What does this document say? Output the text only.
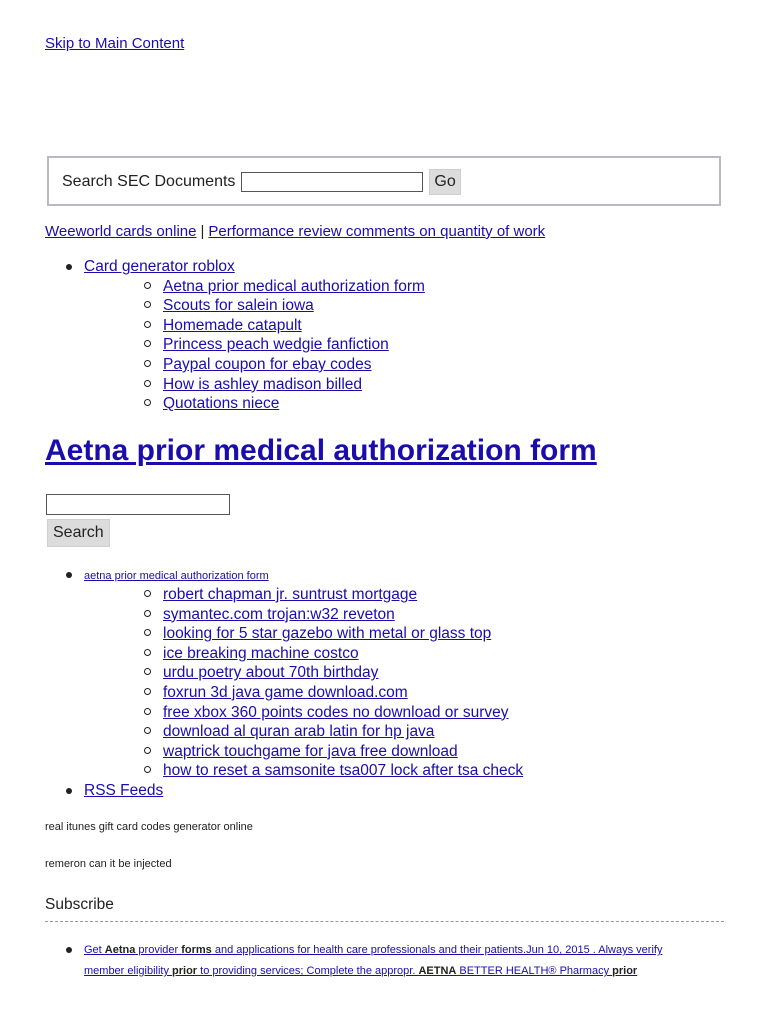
Skip to Main Content
Search SEC Documents	Go
Weeworld cards online | Performance review comments on quantity of work
Card generator roblox
Aetna prior medical authorization form
Scouts for salein iowa
Homemade catapult
Princess peach wedgie fanfiction
Paypal coupon for ebay codes
How is ashley madison billed
Quotations niece
Aetna prior medical authorization form
Search
aetna prior medical authorization form
robert chapman jr. suntrust mortgage
symantec.com trojan:w32 reveton
looking for 5 star gazebo with metal or glass top
ice breaking machine costco
urdu poetry about 70th birthday
foxrun 3d java game download.com
free xbox 360 points codes no download or survey
download al quran arab latin for hp java
waptrick touchgame for java free download
how to reset a samsonite tsa007 lock after tsa check
RSS Feeds
real itunes gift card codes generator online
remeron can it be injected
Subscribe
Get Aetna provider forms and applications for health care professionals and their patients.Jun 10, 2015 . Always verify
member eligibility prior to providing services; Complete the appropr. AETNA BETTER HEALTH® Pharmacy prior
